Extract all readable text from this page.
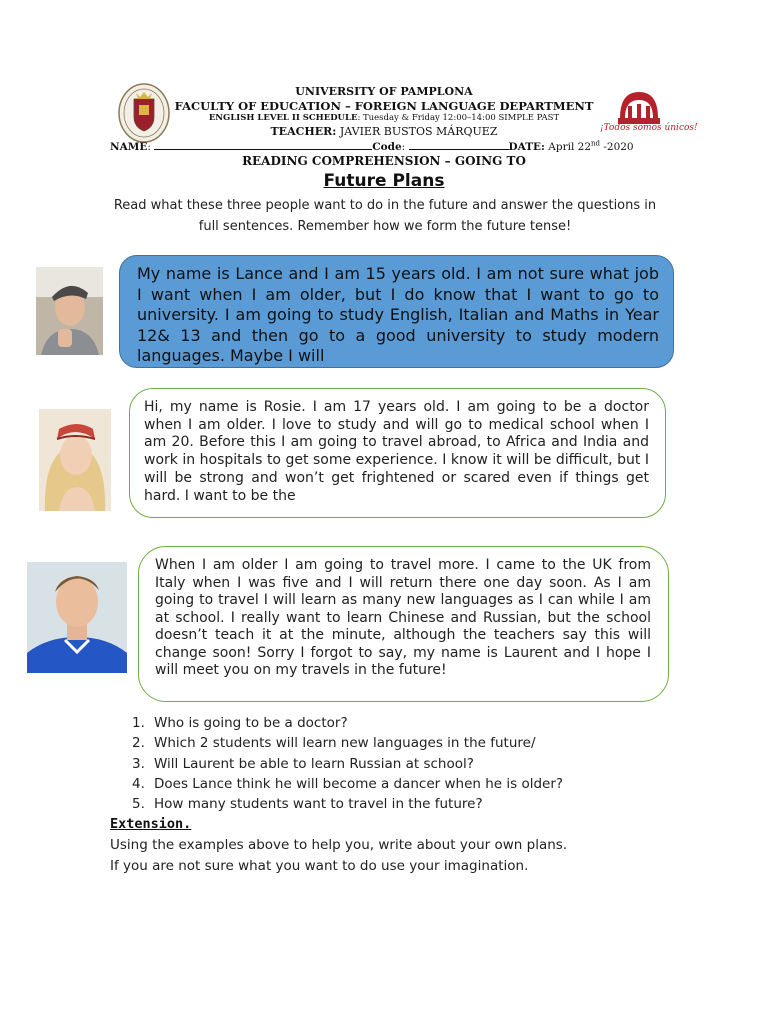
¡Todos somos únicos!
UNIVERSITY OF PAMPLONA
FACULTY OF EDUCATION – FOREIGN LANGUAGE DEPARTMENT
ENGLISH LEVEL II SCHEDULE: Tuesday & Friday 12:00–14:00 SIMPLE PAST
TEACHER: JAVIER BUSTOS MÁRQUEZ
NAME:	Code:	DATE: April 22nd -2020
READING COMPREHENSION – GOING TO
Future Plans
Read what these three people want to do in the future and answer the questions in full sentences. Remember how we form the future tense!
My name is Lance and I am 15 years old. I am not sure what job I want when I am older, but I do know that I want to go to university. I am going to study English, Italian and Maths in Year 12& 13 and then go to a good university to study modern languages. Maybe I will
Hi, my name is Rosie. I am 17 years old. I am going to be a doctor when I am older. I love to study and will go to medical school when I am 20. Before this I am going to travel abroad, to Africa and India and work in hospitals to get some experience. I know it will be difficult, but I will be strong and won’t get frightened or scared even if things get hard. I want to be the
When I am older I am going to travel more. I came to the UK from Italy when I was five and I will return there one day soon. As I am going to travel I will learn as many new languages as I can while I am at school. I really want to learn Chinese and Russian, but the school doesn’t teach it at the minute, although the teachers say this will change soon! Sorry I forgot to say, my name is Laurent and I hope I will meet you on my travels in the future!
1. Who is going to be a doctor?
2. Which 2 students will learn new languages in the future/
3. Will Laurent be able to learn Russian at school?
4. Does Lance think he will become a dancer when he is older?
5. How many students want to travel in the future?
Extension.
Using the examples above to help you, write about your own plans.
If you are not sure what you want to do use your imagination.
